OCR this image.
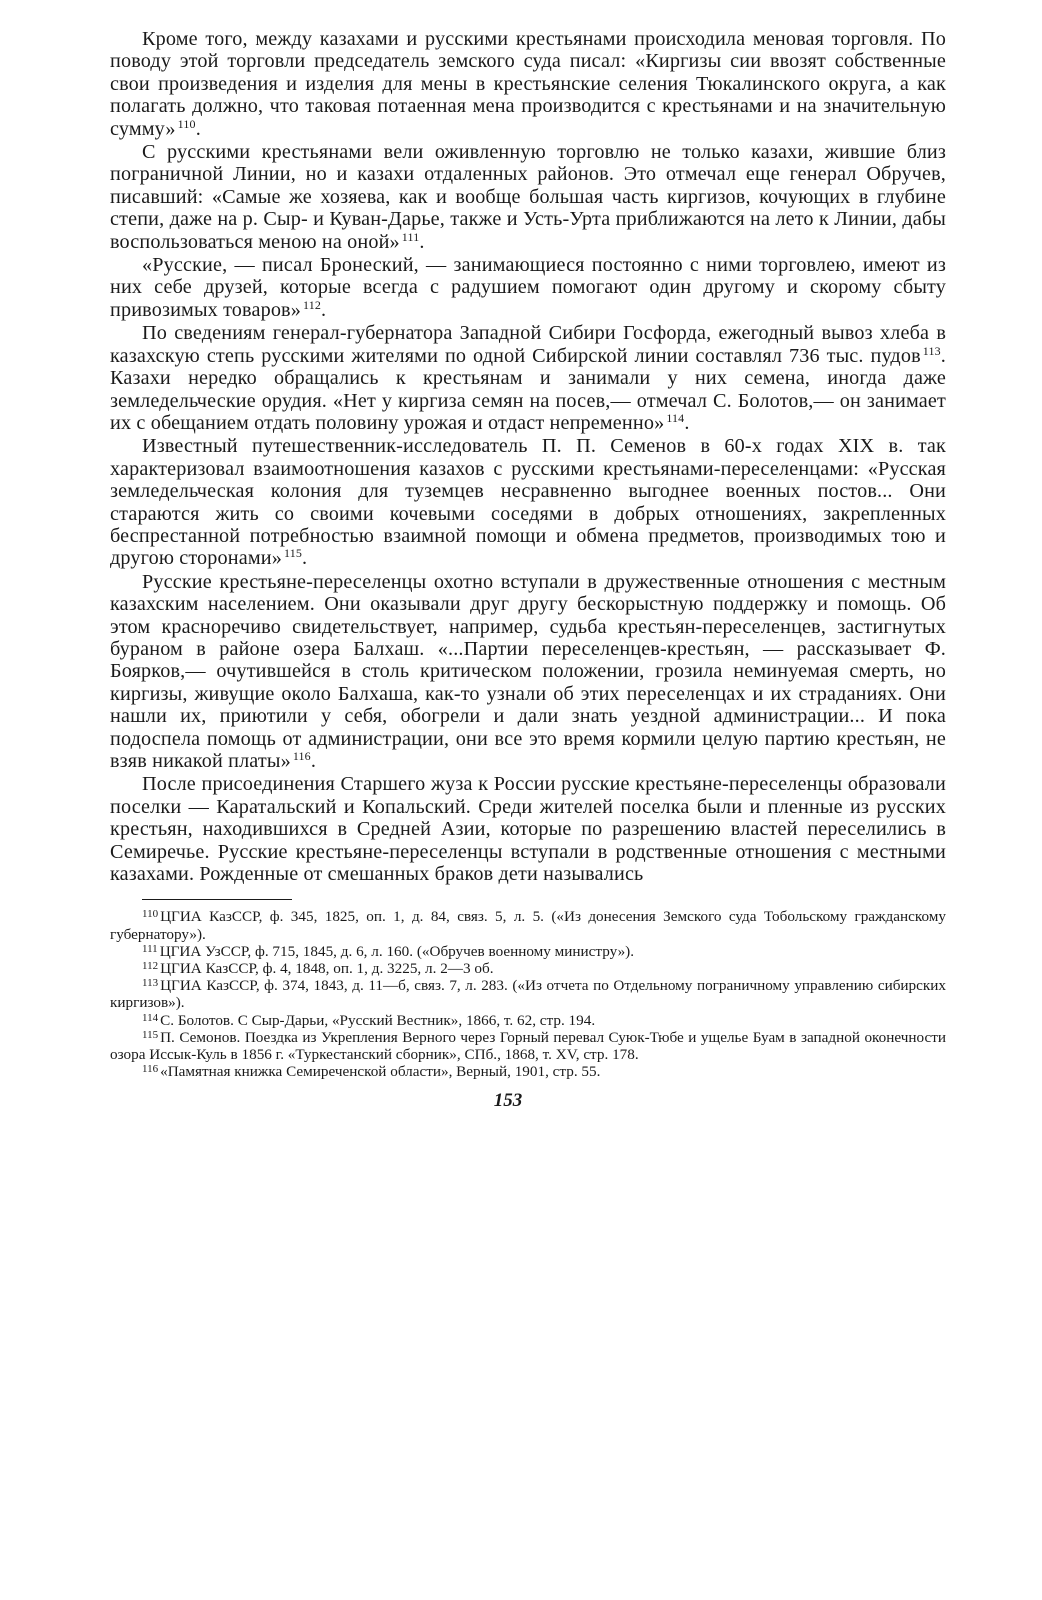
Кроме того, между казахами и русскими крестьянами происходила меновая торговля. По поводу этой торговли председатель земского суда писал: «Киргизы сии ввозят собственные свои произведения и изделия для мены в крестьянские селения Тюкалинского округа, а как полагать должно, что таковая потаенная мена производится с крестьянами и на значительную сумму» $^{110}$.

С русскими крестьянами вели оживленную торговлю не только казахи, жившие близ пограничной Линии, но и казахи отдаленных районов. Это отмечал еще генерал Обручев, писавший: «Самые же хозяева, как и вообще большая часть киргизов, кочующих в глубине степи, даже на р. Сыр- и Куван-Дарье, также и Усть-Урта приближаются на лето к Линии, дабы воспользоваться меною на оной» $^{111}$.

«Русские, — писал Бронеский, — занимающиеся постоянно с ними торговлею, имеют из них себе друзей, которые всегда с радушием помогают один другому и скорому сбыту привозимых товаров» $^{112}$.

По сведениям генерал-губернатора Западной Сибири Госфорда, ежегодный вывоз хлеба в казахскую степь русскими жителями по одной Сибирской линии составлял 736 тыс. пудов $^{113}$. Казахи нередко обращались к крестьянам и занимали у них семена, иногда даже земледельческие орудия. «Нет у киргиза семян на посев,— отмечал С. Болотов,— он занимает их с обещанием отдать половину урожая и отдаст непременно» $^{114}$.

Известный путешественник-исследователь П. П. Семенов в 60-х годах XIX в. так характеризовал взаимоотношения казахов с русскими крестьянами-переселенцами: «Русская земледельческая колония для туземцев несравненно выгоднее военных постов... Они стараются жить со своими кочевыми соседями в добрых отношениях, закрепленных беспрестанной потребностью взаимной помощи и обмена предметов, производимых тою и другою сторонами» $^{115}$.

Русские крестьяне-переселенцы охотно вступали в дружественные отношения с местным казахским населением. Они оказывали друг другу бескорыстную поддержку и помощь. Об этом красноречиво свидетельствует, например, судьба крестьян-переселенцев, застигнутых бураном в районе озера Балхаш. «...Партии переселенцев-крестьян, — рассказывает Ф. Боярков,— очутившейся в столь критическом положении, грозила неминуемая смерть, но киргизы, живущие около Балхаша, как-то узнали об этих переселенцах и их страданиях. Они нашли их, приютили у себя, обогрели и дали знать уездной администрации... И пока подоспела помощь от администрации, они все это время кормили целую партию крестьян, не взяв никакой платы» $^{116}$.

После присоединения Старшего жуза к России русские крестьяне-переселенцы образовали поселки — Каратальский и Копальский. Среди жителей поселка были и пленные из русских крестьян, находившихся в Средней Азии, которые по разрешению властей переселились в Семиречье. Русские крестьяне-переселенцы вступали в родственные отношения с местными казахами. Рожденные от смешанных браков дети назывались

$^{110}$ ЦГИА КазССР, ф. 345, 1825, оп. 1, д. 84, связ. 5, л. 5. («Из донесения Земского суда Тобольскому гражданскому губернатору»).

$^{111}$ ЦГИА УзССР, ф. 715, 1845, д. 6, л. 160. («Обручев военному министру»).

$^{112}$ ЦГИА КазССР, ф. 4, 1848, оп. 1, д. 3225, л. 2—3 об.

$^{113}$ ЦГИА КазССР, ф. 374, 1843, д. 11—б, связ. 7, л. 283. («Из отчета по Отдельному пограничному управлению сибирских киргизов»).

$^{114}$ С. Болотов. С Сыр-Дарьи, «Русский Вестник», 1866, т. 62, стр. 194.

$^{115}$ П. Семонов. Поездка из Укрепления Верного через Горный перевал Суюк-Тюбе и ущелье Буам в западной оконечности озора Иссык-Куль в 1856 г. «Туркестанский сборник», СПб., 1868, т. XV, стр. 178.

$^{116}$ «Памятная книжка Семиреченской области», Верный, 1901, стр. 55.

153
